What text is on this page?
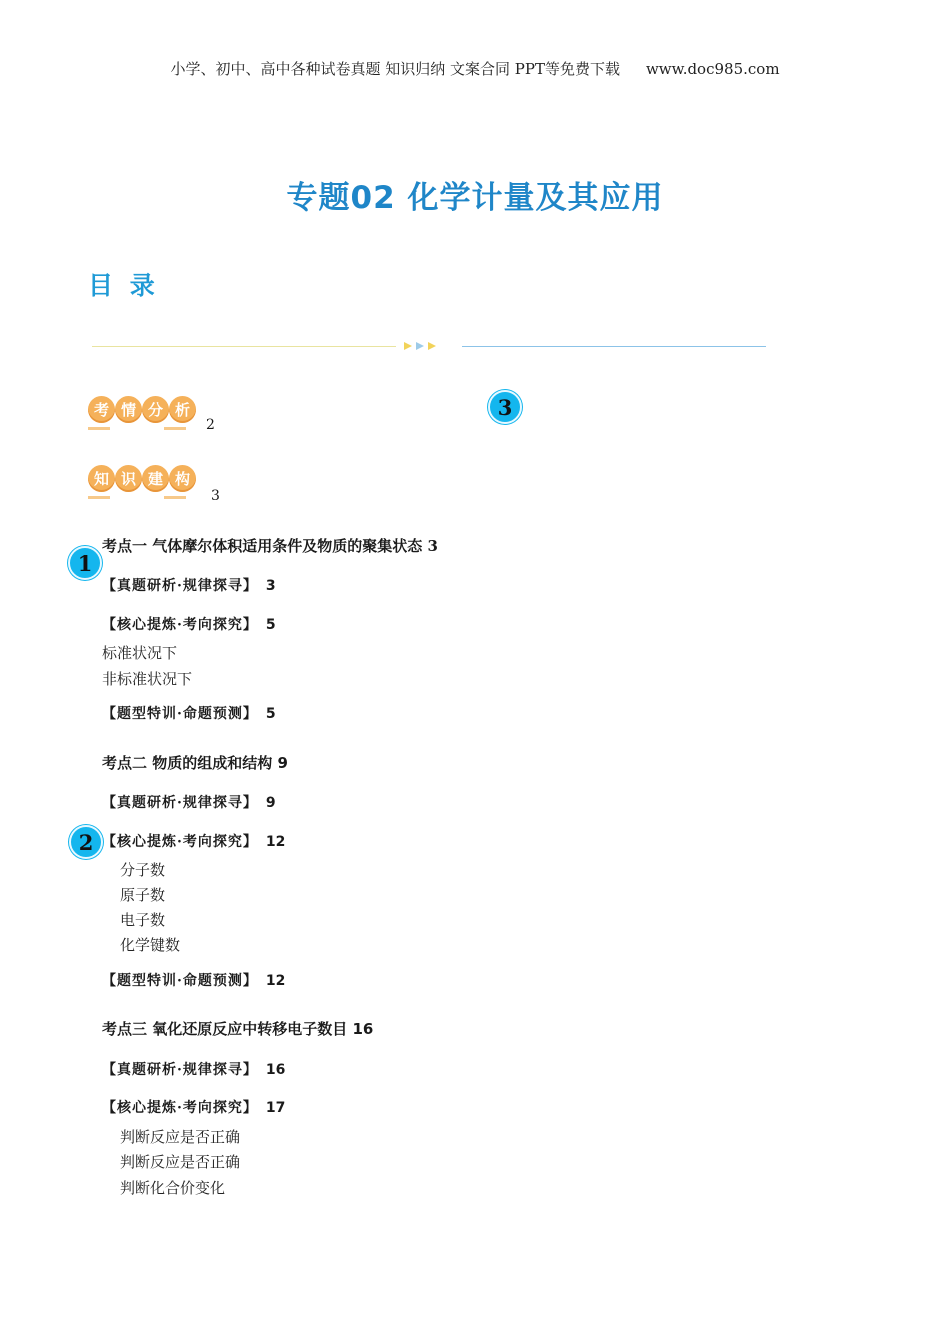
小学、初中、高中各种试卷真题 知识归纳 文案合同 PPT等免费下载 www.doc985.com
专题02 化学计量及其应用
目 录
3
考 情 分 析
2
知 识 建 构
3
考点一 气体摩尔体积适用条件及物质的聚集状态 3
1
【真题研析·规律探寻】 3
【核心提炼·考向探究】 5
标准状况下
非标准状况下
【题型特训·命题预测】 5
考点二 物质的组成和结构 9
【真题研析·规律探寻】 9
2 【核心提炼·考向探究】 12
分子数
原子数
电子数
化学键数
【题型特训·命题预测】 12
考点三 氧化还原反应中转移电子数目 16
【真题研析·规律探寻】 16
【核心提炼·考向探究】 17
判断反应是否正确
判断反应是否正确
判断化合价变化
